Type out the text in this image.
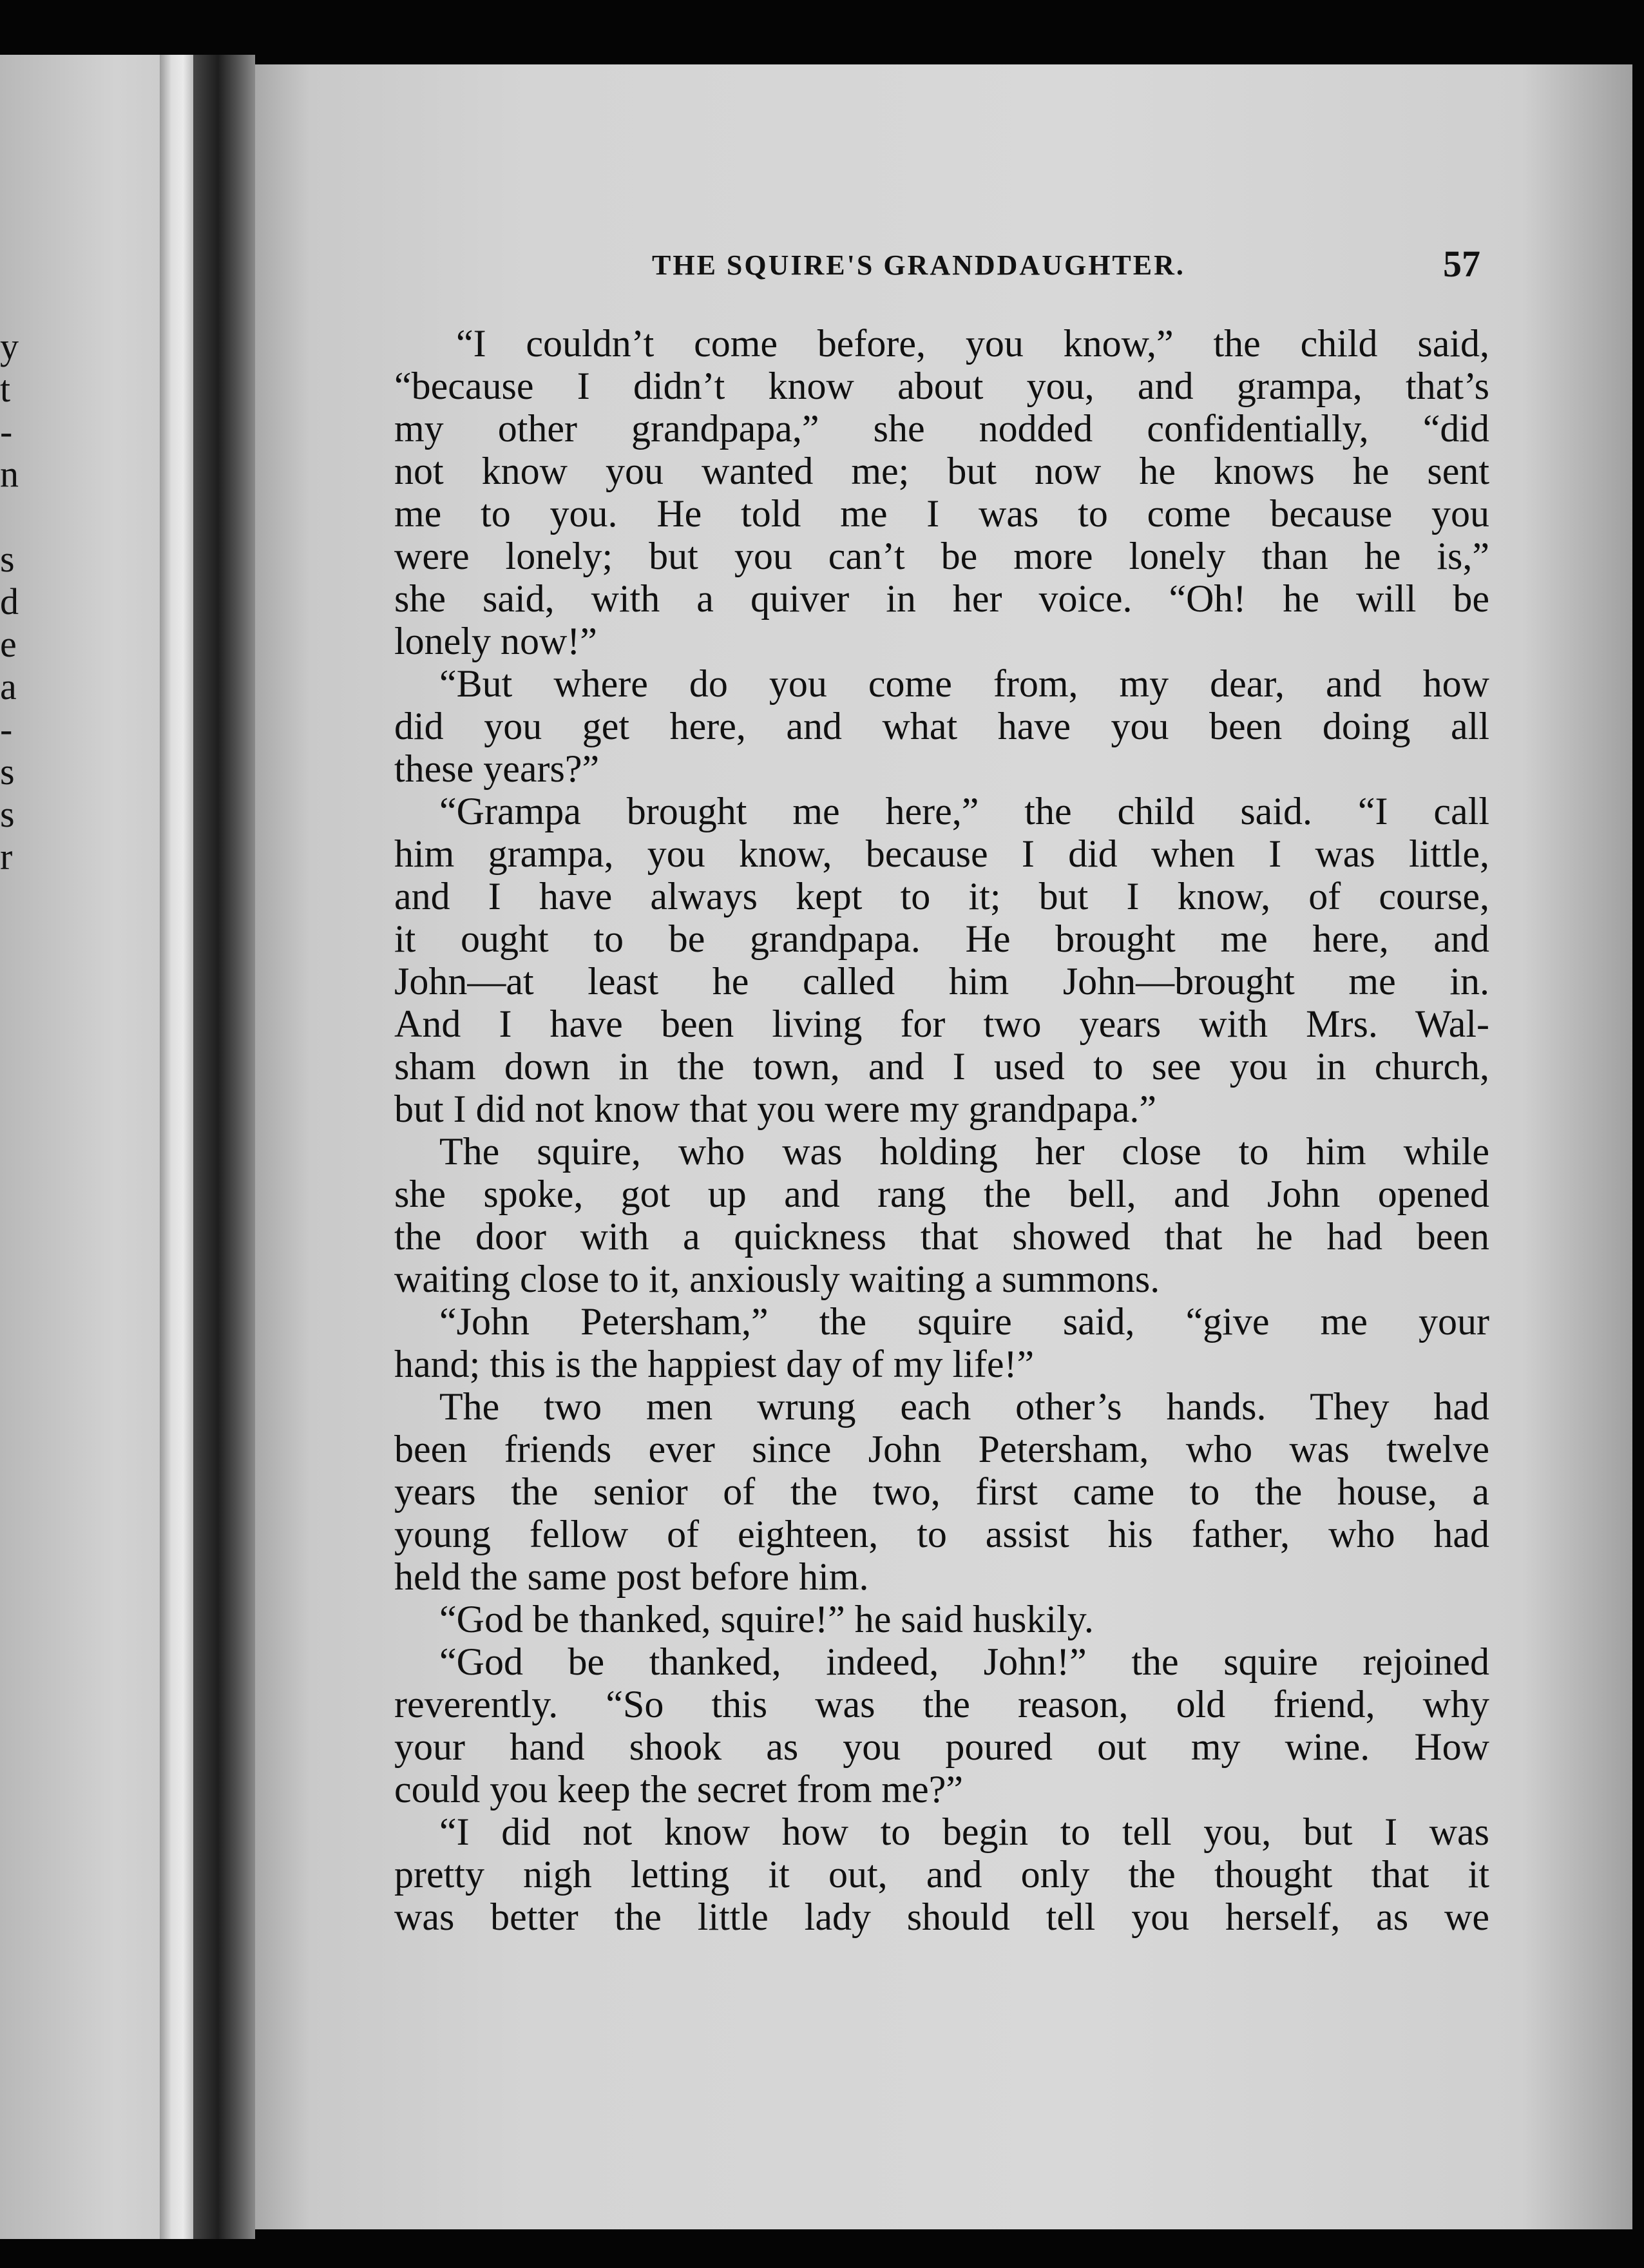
y
t
-
n

s
d
e
a
-
s
s
r
THE SQUIRE'S GRANDDAUGHTER.	57
“I couldn’t come before, you know,” the child said,
“because I didn’t know about you, and grampa, that’s
my other grandpapa,” she nodded confidentially, “did
not know you wanted me; but now he knows he sent
me to you. He told me I was to come because you
were lonely; but you can’t be more lonely than he is,”
she said, with a quiver in her voice. “Oh! he will be
lonely now!”
“But where do you come from, my dear, and how
did you get here, and what have you been doing all
these years?”
“Grampa brought me here,” the child said. “I call
him grampa, you know, because I did when I was little,
and I have always kept to it; but I know, of course,
it ought to be grandpapa. He brought me here, and
John—at least he called him John—brought me in.
And I have been living for two years with Mrs. Wal-
sham down in the town, and I used to see you in church,
but I did not know that you were my grandpapa.”
The squire, who was holding her close to him while
she spoke, got up and rang the bell, and John opened
the door with a quickness that showed that he had been
waiting close to it, anxiously waiting a summons.
“John Petersham,” the squire said, “give me your
hand; this is the happiest day of my life!”
The two men wrung each other’s hands. They had
been friends ever since John Petersham, who was twelve
years the senior of the two, first came to the house, a
young fellow of eighteen, to assist his father, who had
held the same post before him.
“God be thanked, squire!” he said huskily.
“God be thanked, indeed, John!” the squire rejoined
reverently. “So this was the reason, old friend, why
your hand shook as you poured out my wine. How
could you keep the secret from me?”
“I did not know how to begin to tell you, but I was
pretty nigh letting it out, and only the thought that it
was better the little lady should tell you herself, as we
